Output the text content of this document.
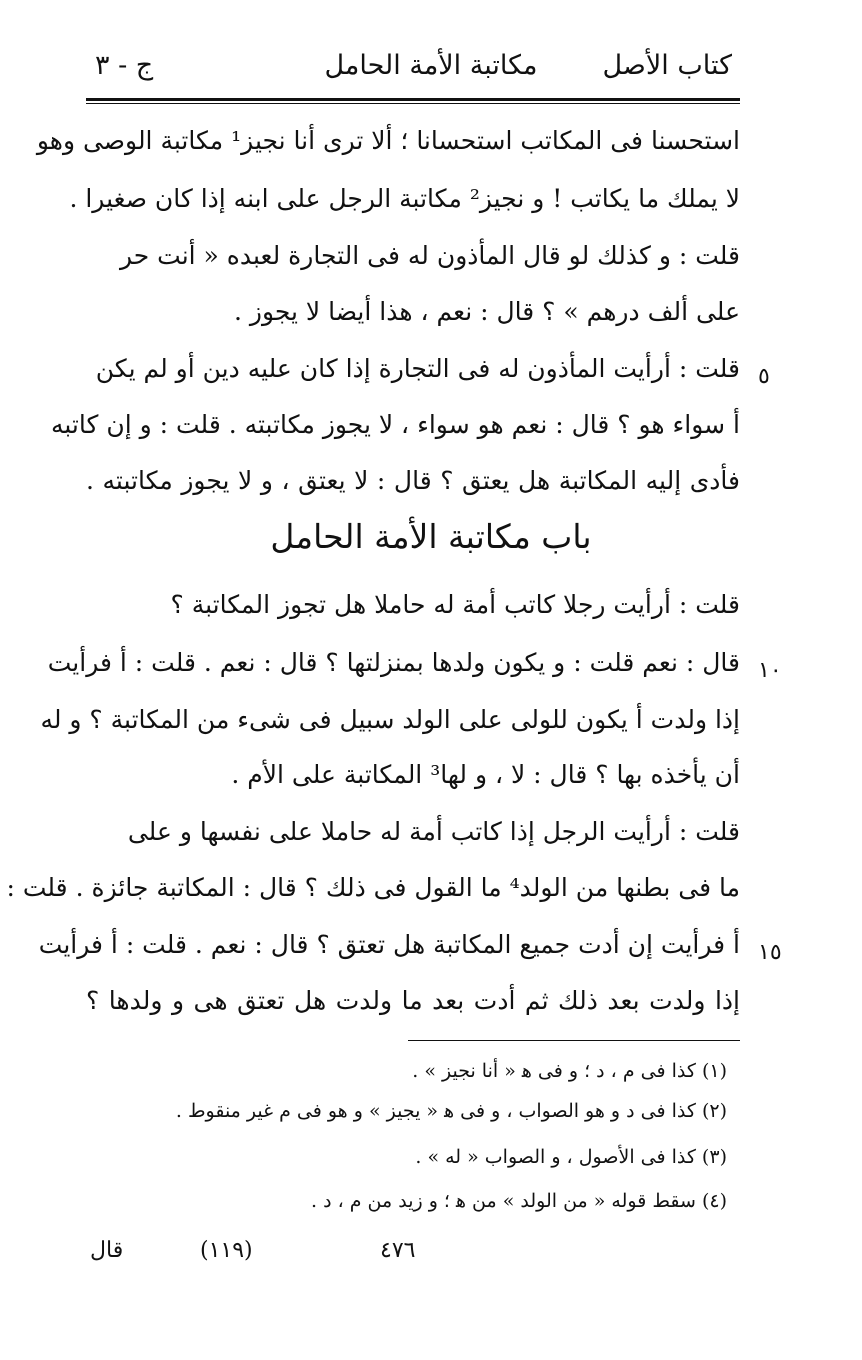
كتاب الأصل
مكاتبة الأمة الحامل
ج - ٣
استحسنا فى المكاتب استحسانا ؛ ألا ترى أنا نجيز¹ مكاتبة الوصى وهو
لا يملك ما يكاتب ! و نجيز² مكاتبة الرجل على ابنه إذا كان صغيرا .
قلت : و كذلك لو قال المأذون له فى التجارة لعبده « أنت حر
على ألف درهم » ؟ قال : نعم ، هذا أيضا لا يجوز .
قلت : أرأيت المأذون له فى التجارة إذا كان عليه دين أو لم يكن
أ سواء هو ؟ قال : نعم هو سواء ، لا يجوز مكاتبته . قلت : و إن كاتبه
فأدى إليه المكاتبة هل يعتق ؟ قال : لا يعتق ، و لا يجوز مكاتبته .
٥
باب مكاتبة الأمة الحامل
قلت : أرأيت رجلا كاتب أمة له حاملا هل تجوز المكاتبة ؟
قال : نعم قلت : و يكون ولدها بمنزلتها ؟ قال : نعم . قلت : أ فرأيت
إذا ولدت أ يكون للولى على الولد سبيل فى شىء من المكاتبة ؟ و له
أن يأخذه بها ؟ قال : لا ، و لها³ المكاتبة على الأم .
قلت : أرأيت الرجل إذا كاتب أمة له حاملا على نفسها و على
ما فى بطنها من الولد⁴ ما القول فى ذلك ؟ قال : المكاتبة جائزة . قلت :
أ فرأيت إن أدت جميع المكاتبة هل تعتق ؟ قال : نعم . قلت : أ فرأيت
إذا ولدت بعد ذلك ثم أدت بعد ما ولدت هل تعتق هى و ولدها ؟
١٠
١٥
(١) كذا فى م ، د ؛ و فى ﻫ « أنا نجيز » .
(٢) كذا فى د و هو الصواب ، و فى ﻫ « يجيز » و هو فى م غير منقوط .
(٣) كذا فى الأصول ، و الصواب « له » .
(٤) سقط قوله « من الولد » من ﻫ ؛ و زيد من م ، د .
قال	(١١٩)	٤٧٦
